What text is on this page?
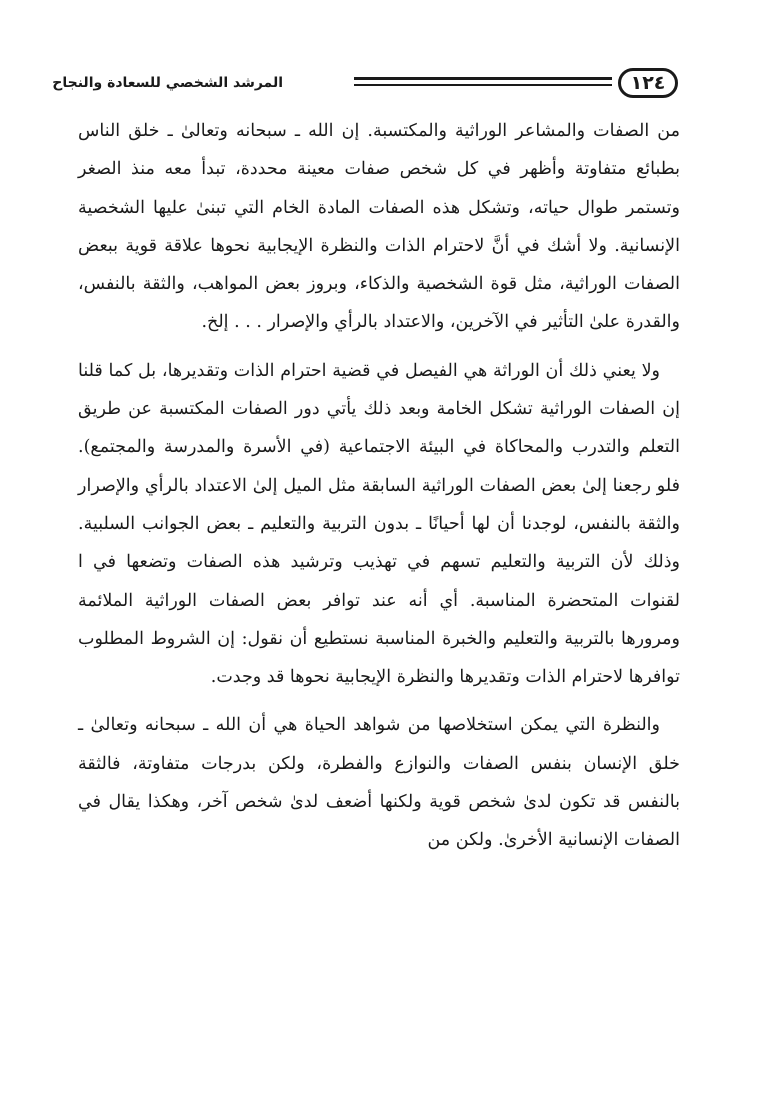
١٢٤
المرشد الشخصي للسعادة والنجاح

من الصفات والمشاعر الوراثية والمكتسبة. إن الله ـ سبحانه وتعالىٰ ـ خلق الناس بطبائع متفاوتة وأظهر في كل شخص صفات معينة محددة، تبدأ معه منذ الصغر وتستمر طوال حياته، وتشكل هذه الصفات المادة الخام التي تبنىٰ عليها الشخصية الإنسانية. ولا أشك في أنَّ لاحترام الذات والنظرة الإيجابية نحوها علاقة قوية ببعض الصفات الوراثية، مثل قوة الشخصية والذكاء، وبروز بعض المواهب، والثقة بالنفس، والقدرة علىٰ التأثير في الآخرين، والاعتداد بالرأي والإصرار . . . إلخ.

ولا يعني ذلك أن الوراثة هي الفيصل في قضية احترام الذات وتقديرها، بل كما قلنا إن الصفات الوراثية تشكل الخامة وبعد ذلك يأتي دور الصفات المكتسبة عن طريق التعلم والتدرب والمحاكاة في البيئة الاجتماعية (في الأسرة والمدرسة والمجتمع). فلو رجعنا إلىٰ بعض الصفات الوراثية السابقة مثل الميل إلىٰ الاعتداد بالرأي والإصرار والثقة بالنفس، لوجدنا أن لها أحيانًا ـ بدون التربية والتعليم ـ بعض الجوانب السلبية. وذلك لأن التربية والتعليم تسهم في تهذيب وترشيد هذه الصفات وتضعها في ا لقنوات المتحضرة المناسبة. أي أنه عند توافر بعض الصفات الوراثية الملائمة ومرورها بالتربية والتعليم والخبرة المناسبة نستطيع أن نقول: إن الشروط المطلوب توافرها لاحترام الذات وتقديرها والنظرة الإيجابية نحوها قد وجدت.

والنظرة التي يمكن استخلاصها من شواهد الحياة هي أن الله ـ سبحانه وتعالىٰ ـ خلق الإنسان بنفس الصفات والنوازع والفطرة، ولكن بدرجات متفاوتة، فالثقة بالنفس قد تكون لدىٰ شخص قوية ولكنها أضعف لدىٰ شخص آخر، وهكذا يقال في الصفات الإنسانية الأخرىٰ. ولكن من
